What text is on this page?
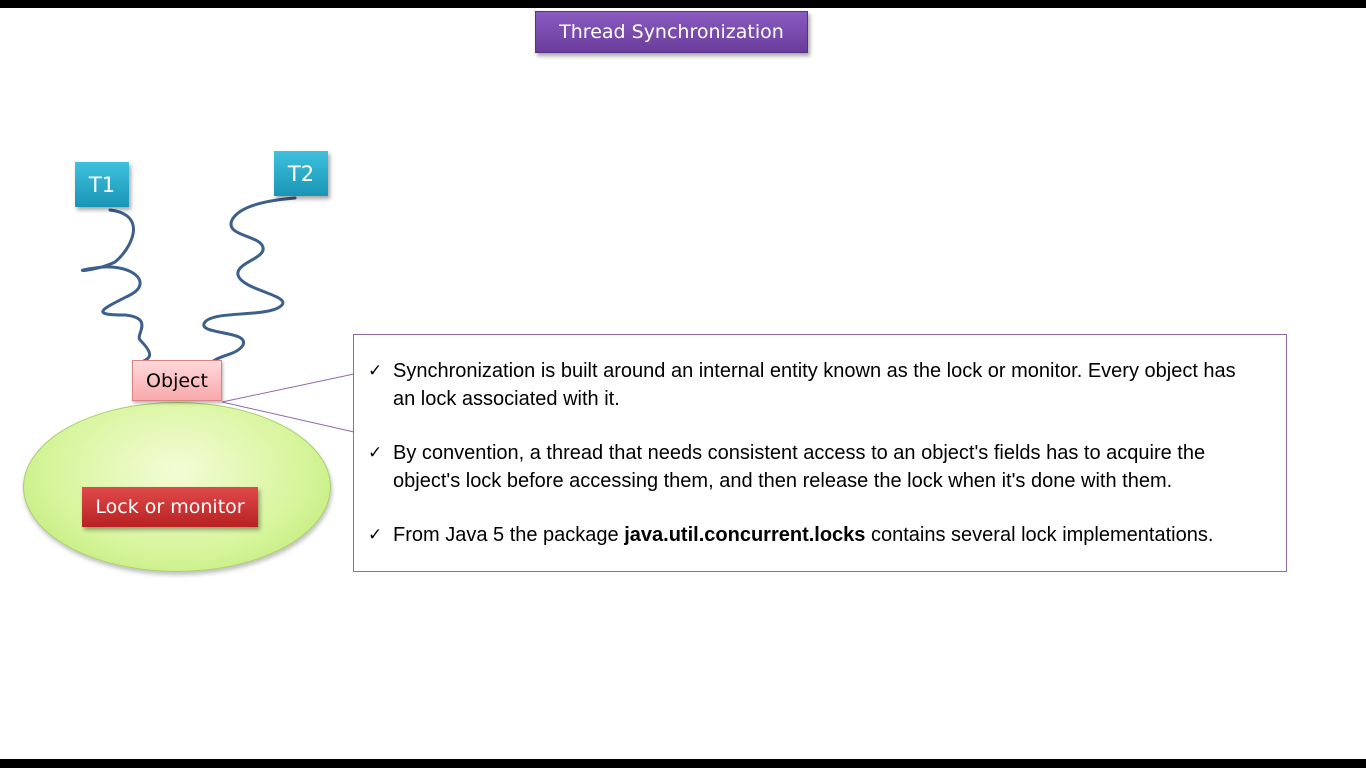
Thread Synchronization
T1	T2
Lock or monitor
Object	✓ Synchronization is built around an internal entity known as the lock or monitor. Every object has an lock associated with it.
✓ By convention, a thread that needs consistent access to an object's fields has to acquire the object's lock before accessing them, and then release the lock when it's done with them.
✓ From Java 5 the package java.util.concurrent.locks contains several lock implementations.
